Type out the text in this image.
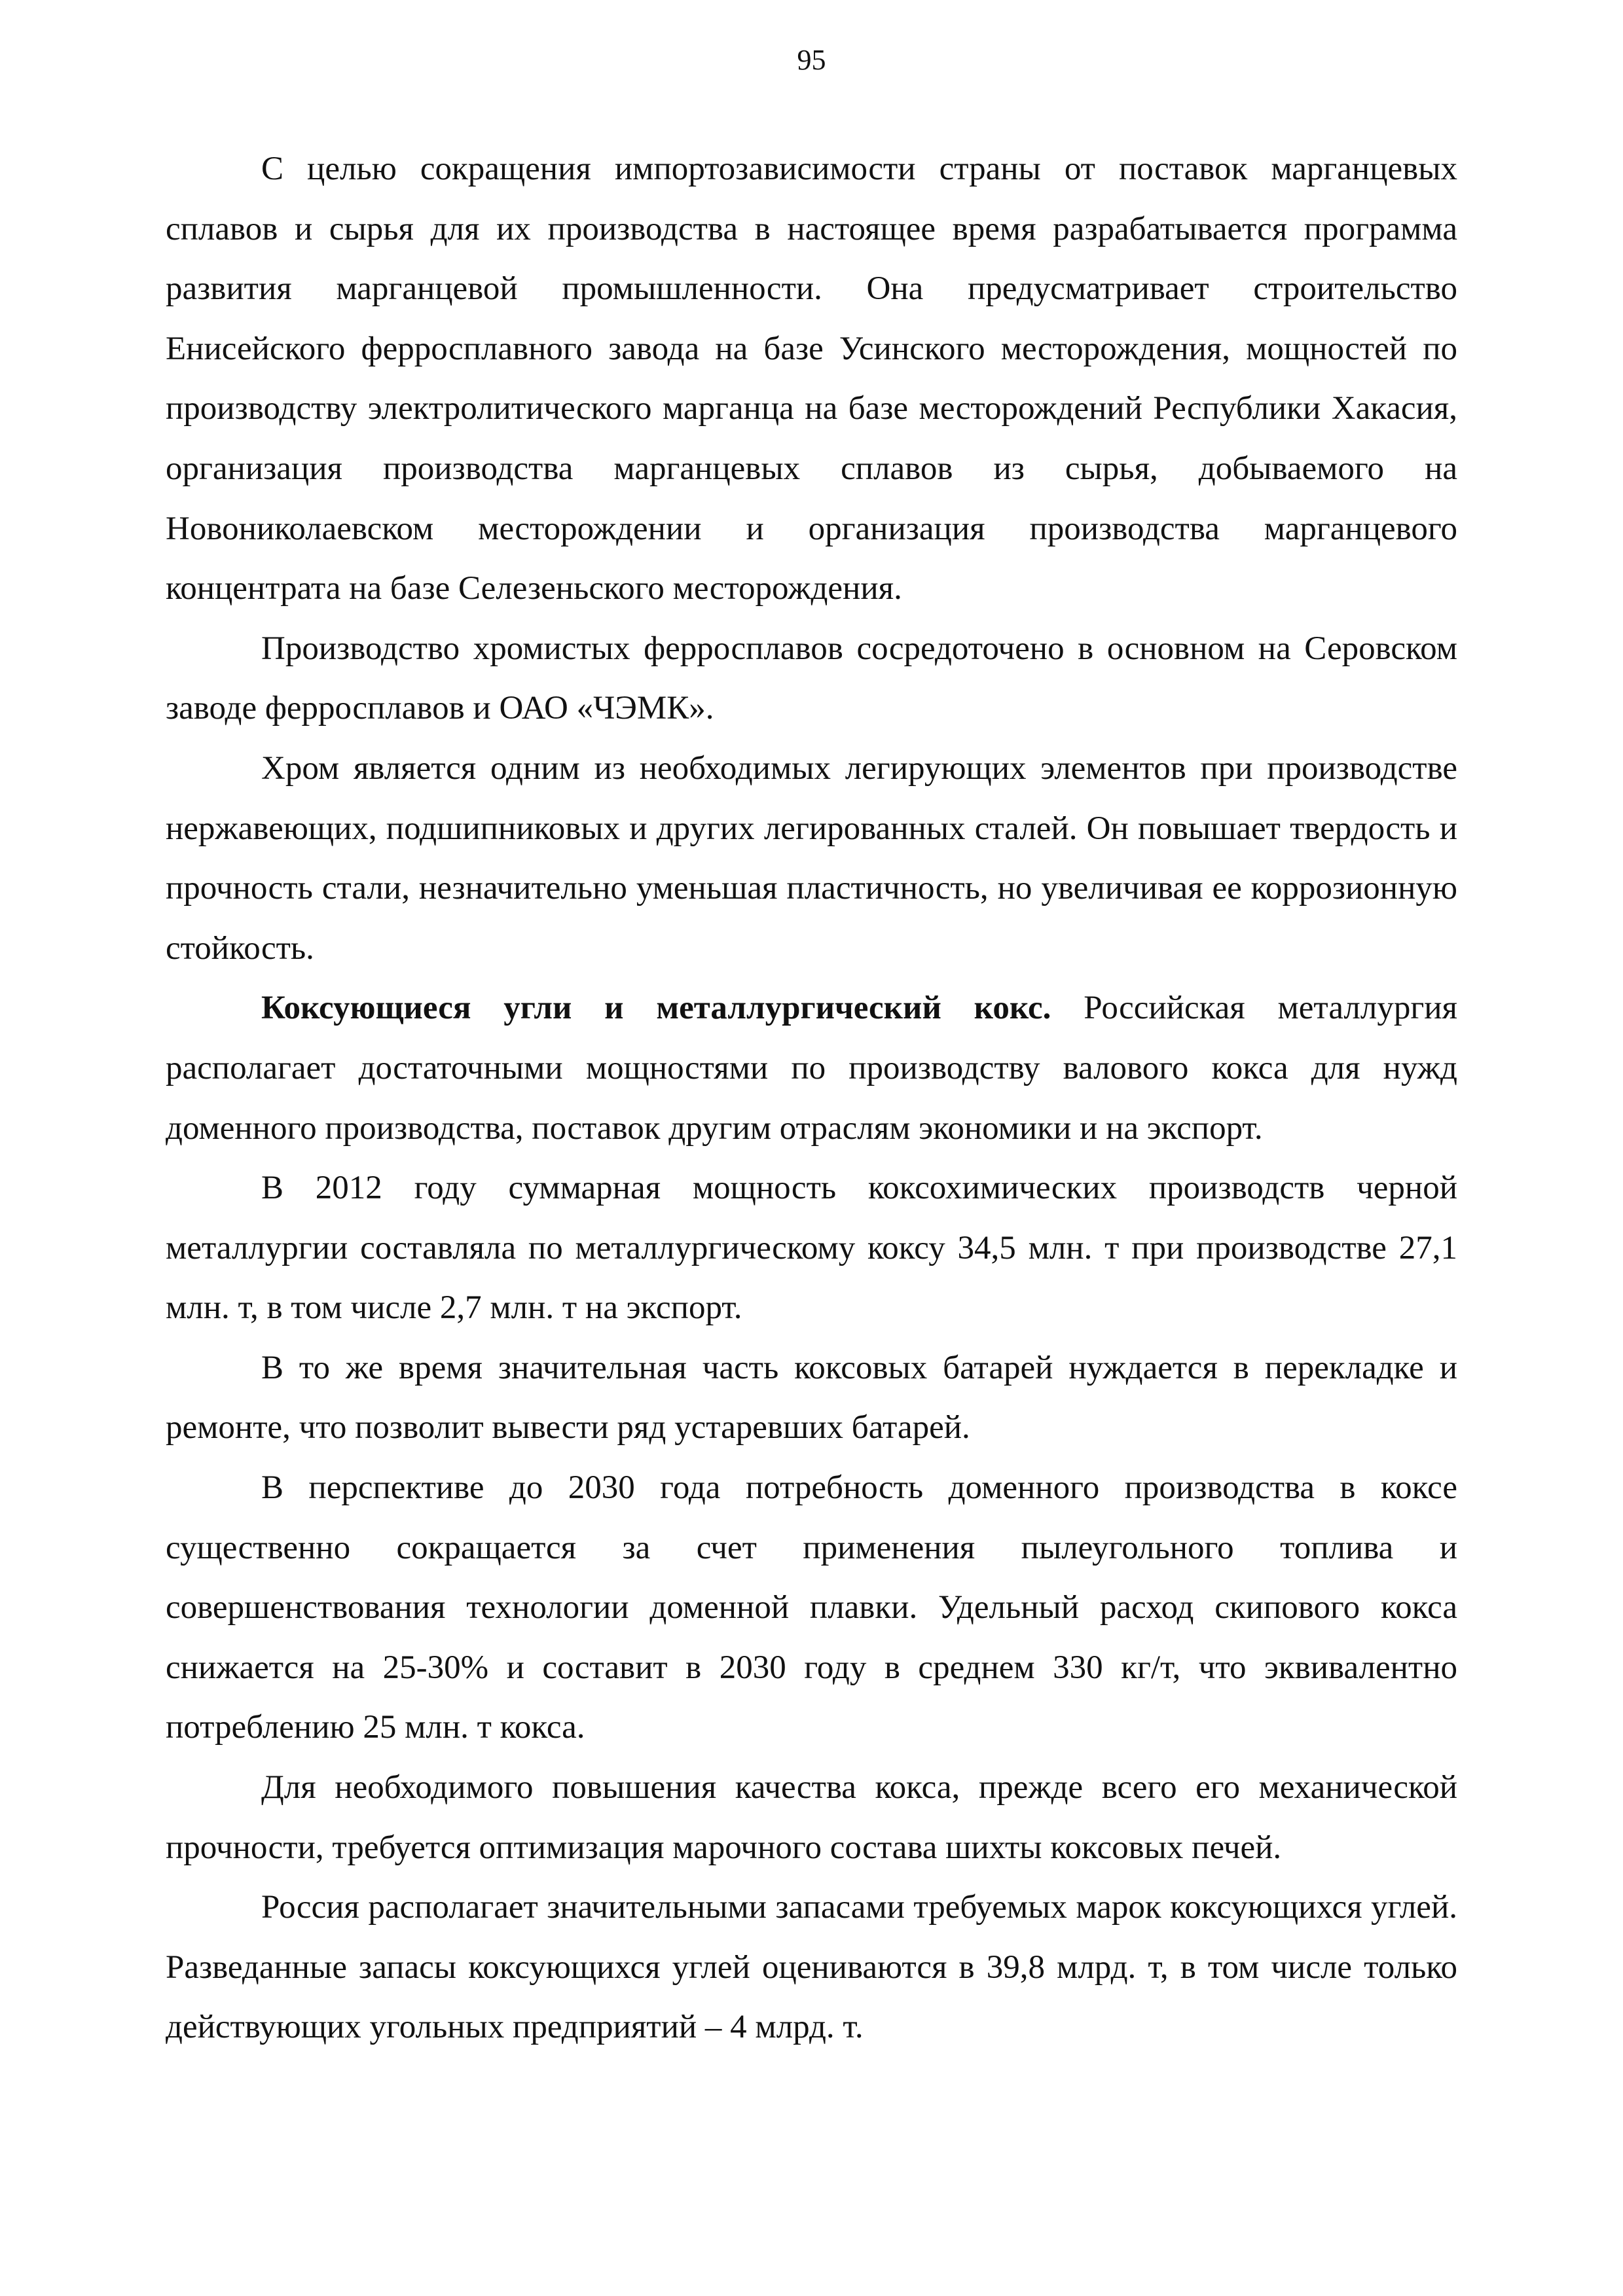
95

С целью сокращения импортозависимости страны от поставок марганцевых сплавов и сырья для их производства в настоящее время разрабатывается программа развития марганцевой промышленности. Она предусматривает строительство Енисейского ферросплавного завода на базе Усинского месторождения, мощностей по производству электролитического марганца на базе месторождений Республики Хакасия, организация производства марганцевых сплавов из сырья, добываемого на Новониколаевском месторождении и организация производства марганцевого концентрата на базе Селезеньского месторождения.

Производство хромистых ферросплавов сосредоточено в основном на Серовском заводе ферросплавов и ОАО «ЧЭМК».

Хром является одним из необходимых легирующих элементов при производстве нержавеющих, подшипниковых и других легированных сталей. Он повышает твердость и прочность стали, незначительно уменьшая пластичность, но увеличивая ее коррозионную стойкость.

Коксующиеся угли и металлургический кокс. Российская металлургия располагает достаточными мощностями по производству валового кокса для нужд доменного производства, поставок другим отраслям экономики и на экспорт.

В 2012 году суммарная мощность коксохимических производств черной металлургии составляла по металлургическому коксу 34,5 млн. т при производстве 27,1 млн. т, в том числе 2,7 млн. т на экспорт.

В то же время значительная часть коксовых батарей нуждается в перекладке и ремонте, что позволит вывести ряд устаревших батарей.

В перспективе до 2030 года потребность доменного производства в коксе существенно сокращается за счет применения пылеугольного топлива и совершенствования технологии доменной плавки. Удельный расход скипового кокса снижается на 25-30% и составит в 2030 году в среднем 330 кг/т, что эквивалентно потреблению 25 млн. т кокса.

Для необходимого повышения качества кокса, прежде всего его механической прочности, требуется оптимизация марочного состава шихты коксовых печей.

Россия располагает значительными запасами требуемых марок коксующихся углей. Разведанные запасы коксующихся углей оцениваются в 39,8 млрд. т, в том числе только действующих угольных предприятий – 4 млрд. т.
